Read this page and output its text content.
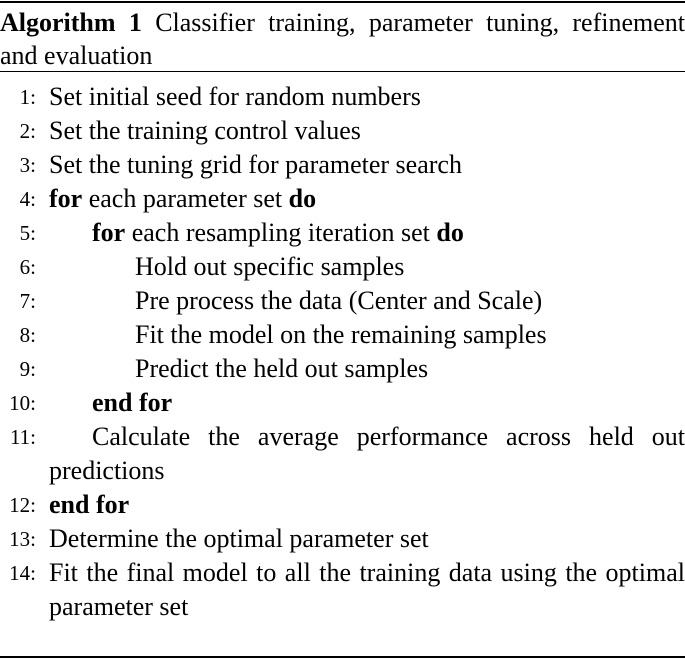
Algorithm 1 Classifier training, parameter tuning, refinement and evaluation
1: Set initial seed for random numbers
2: Set the training control values
3: Set the tuning grid for parameter search
4: for each parameter set do
5: for each resampling iteration set do
6:	Hold out specific samples
7:	Pre process the data (Center and Scale)
8:	Fit the model on the remaining samples
9:	Predict the held out samples
10: end for
11:	Calculate the average performance across held out predictions
12: end for
13: Determine the optimal parameter set
14: Fit the final model to all the training data using the optimal parameter set
